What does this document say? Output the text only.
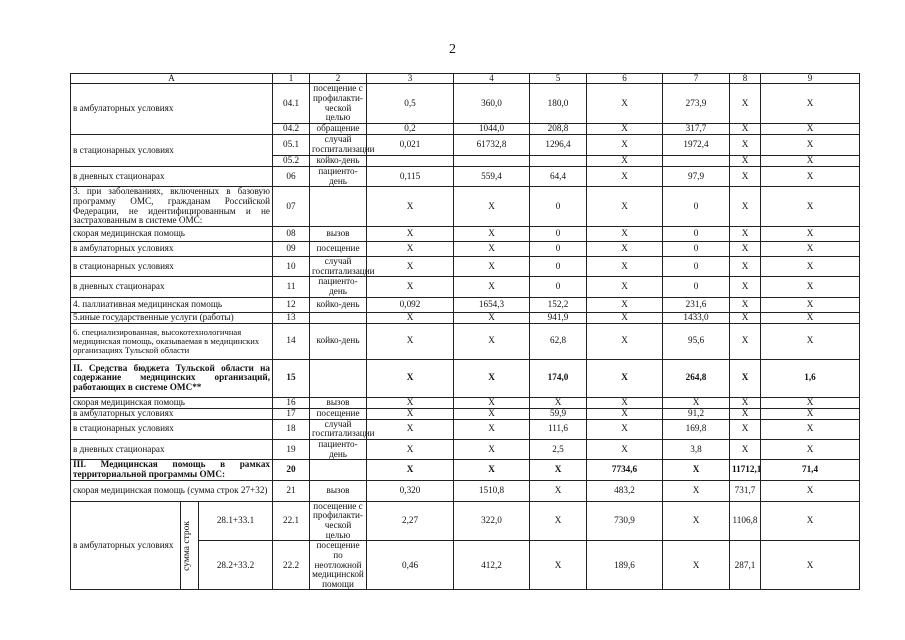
2
А			1	2	3	4	5	6	7	8	9
в амбулаторных условиях			04.1	посещение с профилакти-ческой целью	0,5	360,0	180,0	X	273,9	X	X
			04.2	обращение	0,2	1044,0	208,8	X	317,7	X	X
в стационарных условиях			05.1	случай госпитализации	0,021	61732,8	1296,4	X	1972,4	X	X
			05.2	койко-день				X		X	X
в дневных стационарах			06	пациенто-день	0,115	559,4	64,4	X	97,9	X	X
3. при заболеваниях, включенных в базовую программу ОМС, гражданам Российской Федерации, не идентифицированным и не застрахованным в системе ОМС:			07		X	X	0	X	0	X	X
скорая медицинская помощь			08	вызов	X	X	0	X	0	X	X
в амбулаторных условиях			09	посещение	X	X	0	X	0	X	X
в стационарных условиях			10	случай госпитализации	X	X	0	X	0	X	X
в дневных стационарах			11	пациенто-день	X	X	0	X	0	X	X
4. паллиативная медицинская помощь			12	койко-день	0,092	1654,3	152,2	X	231,6	X	X
5.иные государственные услуги (работы)			13		X	X	941,9	X	1433,0	X	X
6. специализированная, высокотехнологичная медицинская помощь, оказываемая в медицинских организациях Тульской области			14	койко-день	X	X	62,8	X	95,6	X	X
II. Средства бюджета Тульской области на содержание медицинских организаций, работающих в системе ОМС**			15		X	X	174,0	X	264,8	X	1,6
скорая медицинская помощь			16	вызов	X	X	X	X	X	X	X
в амбулаторных условиях			17	посещение	X	X	59,9	X	91,2	X	X
в стационарных условиях			18	случай госпитализации	X	X	111,6	X	169,8	X	X
в дневных стационарах			19	пациенто- день	X	X	2,5	X	3,8	X	X
III. Медицинская помощь в рамках территориальной программы ОМС:			20		X	X	X	7734,6	X	11712,1	71,4
скорая медицинская помощь (сумма строк 27+32)			21	вызов	0,320	1510,8	X	483,2	X	731,7	X
в амбулаторных условиях	сумма строк	28.1+33.1	22.1	посещение с профилакти-ческой целью	2,27	322,0	X	730,9	X	1106,8	X
		28.2+33.2	22.2	посещение по неотложной медицинской помощи	0,46	412,2	X	189,6	X	287,1	X
